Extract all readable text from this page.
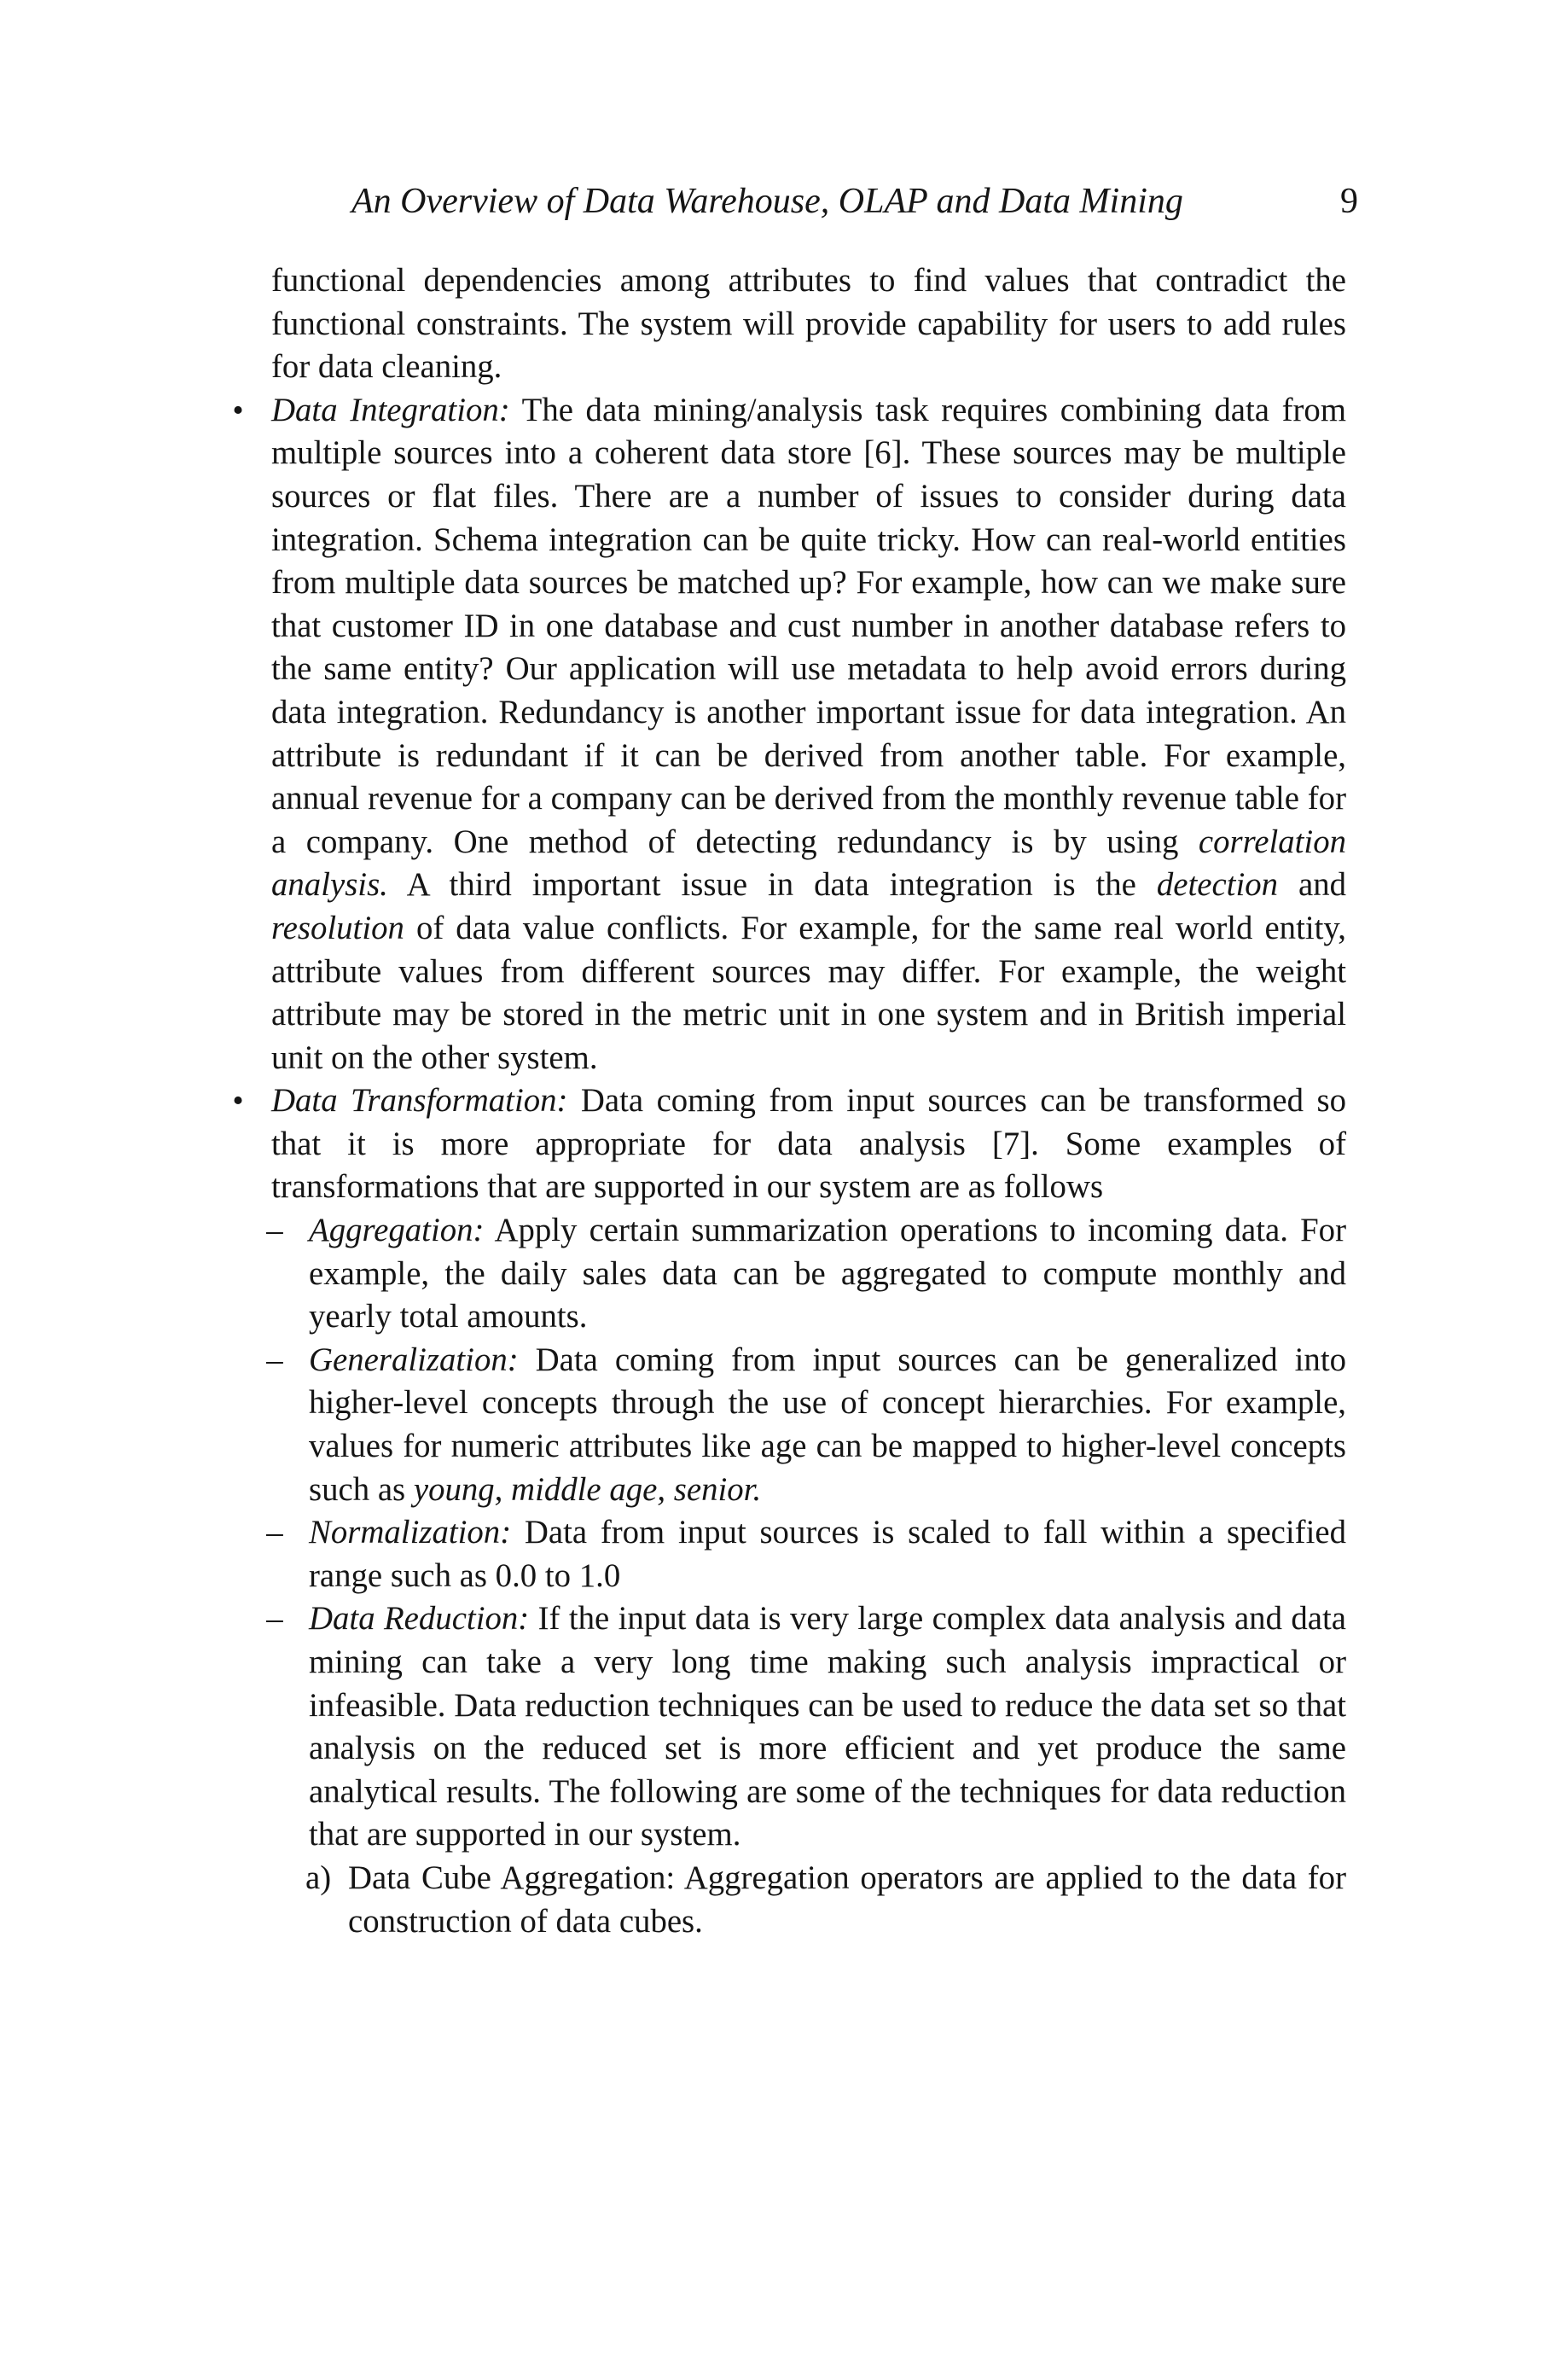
An Overview of Data Warehouse, OLAP and Data Mining	9

functional dependencies among attributes to find values that contradict the functional constraints. The system will provide capability for users to add rules for data cleaning.

• Data Integration: The data mining/analysis task requires combining data from multiple sources into a coherent data store [6]. These sources may be multiple sources or flat files. There are a number of issues to consider during data integration. Schema integration can be quite tricky. How can real-world entities from multiple data sources be matched up? For example, how can we make sure that customer ID in one database and cust number in another database refers to the same entity? Our application will use metadata to help avoid errors during data integration. Redundancy is another important issue for data integration. An attribute is redundant if it can be derived from another table. For example, annual revenue for a company can be derived from the monthly revenue table for a company. One method of detecting redundancy is by using correlation analysis. A third important issue in data integration is the detection and resolution of data value conflicts. For example, for the same real world entity, attribute values from different sources may differ. For example, the weight attribute may be stored in the metric unit in one system and in British imperial unit on the other system.
• Data Transformation: Data coming from input sources can be transformed so that it is more appropriate for data analysis [7]. Some examples of transformations that are supported in our system are as follows
– Aggregation: Apply certain summarization operations to incoming data. For example, the daily sales data can be aggregated to compute monthly and yearly total amounts.
– Generalization: Data coming from input sources can be generalized into higher-level concepts through the use of concept hierarchies. For example, values for numeric attributes like age can be mapped to higher-level concepts such as young, middle age, senior.
– Normalization: Data from input sources is scaled to fall within a specified range such as 0.0 to 1.0
– Data Reduction: If the input data is very large complex data analysis and data mining can take a very long time making such analysis impractical or infeasible. Data reduction techniques can be used to reduce the data set so that analysis on the reduced set is more efficient and yet produce the same analytical results. The following are some of the techniques for data reduction that are supported in our system.
a) Data Cube Aggregation: Aggregation operators are applied to the data for construction of data cubes.
